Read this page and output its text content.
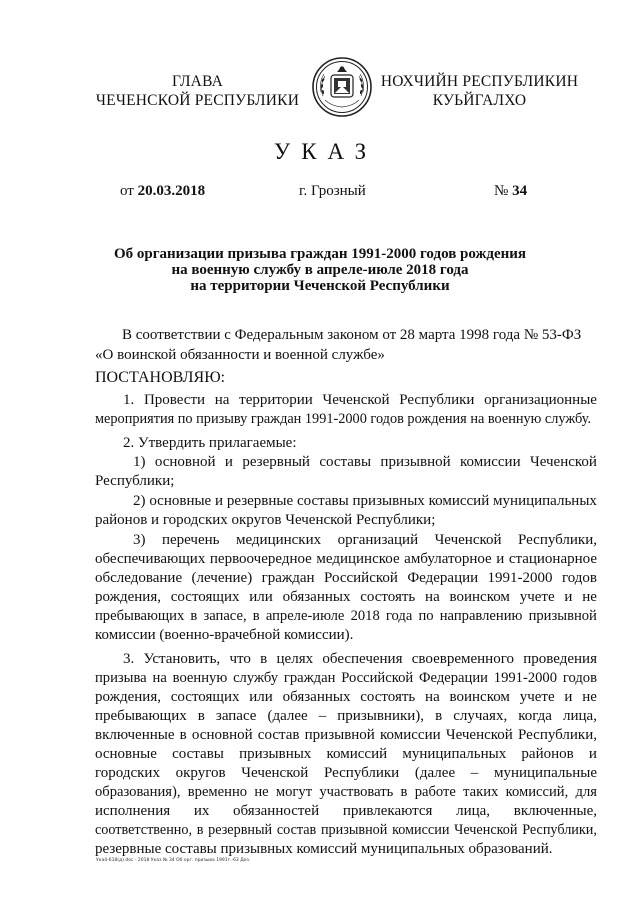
ГЛАВА
ЧЕЧЕНСКОЙ РЕСПУБЛИКИ
НОХЧИЙН РЕСПУБЛИКИН
КУЬЙГАЛХО
УКАЗ
от 20.03.2018	г. Грозный	№ 34
Об организации призыва граждан 1991-2000 годов рождения
на военную службу в апреле-июле 2018 года
на территории Чеченской Республики
В соответствии с Федеральным законом от 28 марта 1998 года № 53-ФЗ
«О воинской обязанности и военной службе»
ПОСТАНОВЛЯЮ:
1. Провести на территории Чеченской Республики организационные
мероприятия по призыву граждан 1991-2000 годов рождения на военную службу.
2. Утвердить прилагаемые:
1) основной и резервный составы призывной комиссии Чеченской
Республики;
2) основные и резервные составы призывных комиссий муниципальных
районов и городских округов Чеченской Республики;
3) перечень медицинских организаций Чеченской Республики,
обеспечивающих первоочередное медицинское амбулаторное и стационарное
обследование (лечение) граждан Российской Федерации 1991-2000 годов
рождения, состоящих или обязанных состоять на воинском учете и не
пребывающих в запасе, в апреле-июле 2018 года по направлению призывной
комиссии (военно-врачебной комиссии).
3. Установить, что в целях обеспечения своевременного проведения
призыва на военную службу граждан Российской Федерации 1991-2000 годов
рождения, состоящих или обязанных состоять на воинском учете и не
пребывающих в запасе (далее – призывники), в случаях, когда лица,
включенные в основной состав призывной комиссии Чеченской Республики,
основные составы призывных комиссий муниципальных районов и
городских округов Чеченской Республики (далее – муниципальные
образования), временно не могут участвовать в работе таких комиссий, для
исполнения их обязанностей привлекаются лица, включенные,
соответственно, в резервный состав призывной комиссии Чеченской Республики,
резервные составы призывных комиссий муниципальных образований.
Ука4-618(д).doc - 2018 Указ № 34 Об орг. призыва 1991г.-63 Доз.
